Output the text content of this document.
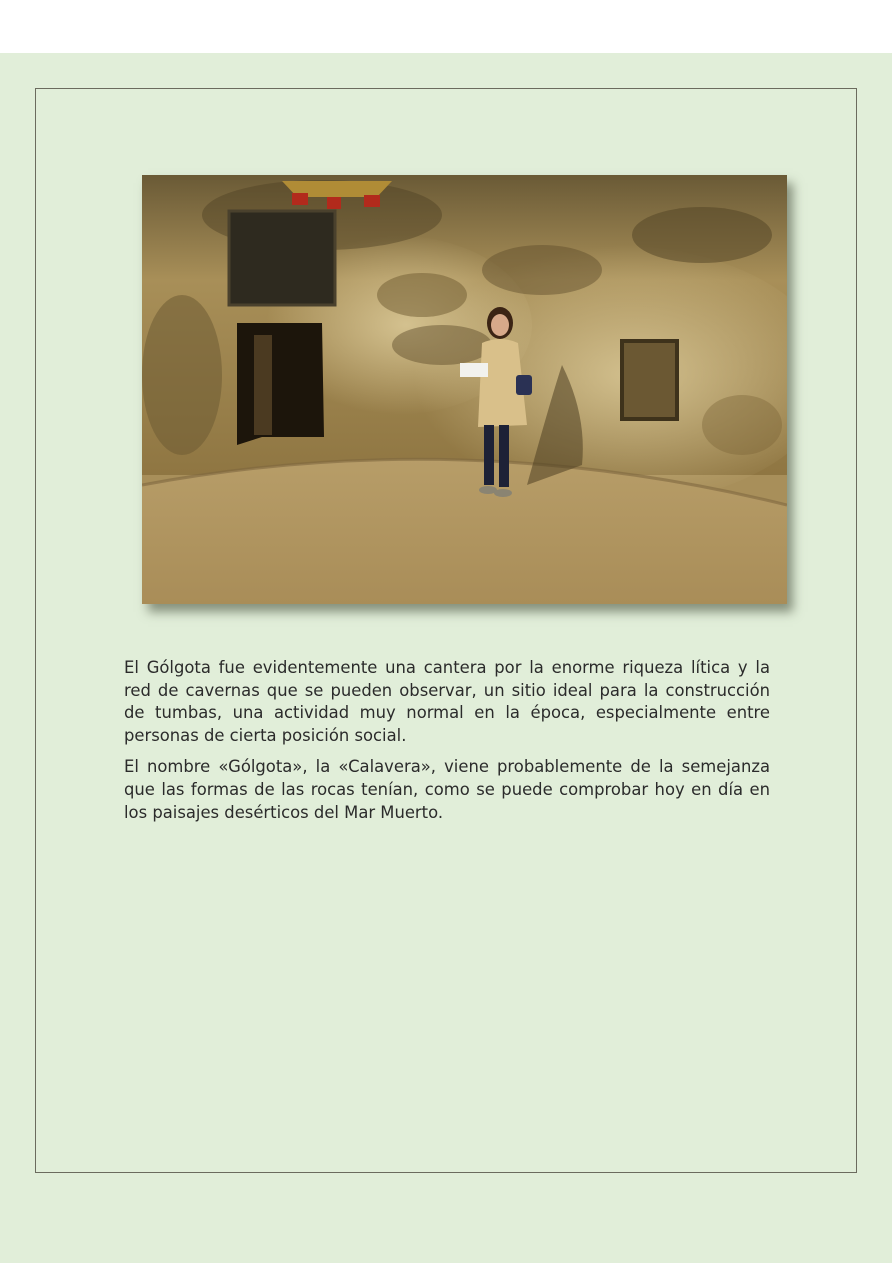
El Gólgota fue evidentemente una cantera por la enorme riqueza lítica y la red de cavernas que se pueden observar, un sitio ideal para la construcción de tumbas, una actividad muy normal en la época, especialmente entre personas de cierta posición social.

El nombre «Gólgota», la «Calavera», viene probablemente de la semejanza que las formas de las rocas tenían, como se puede comprobar hoy en día en los paisajes desérticos del Mar Muerto.
